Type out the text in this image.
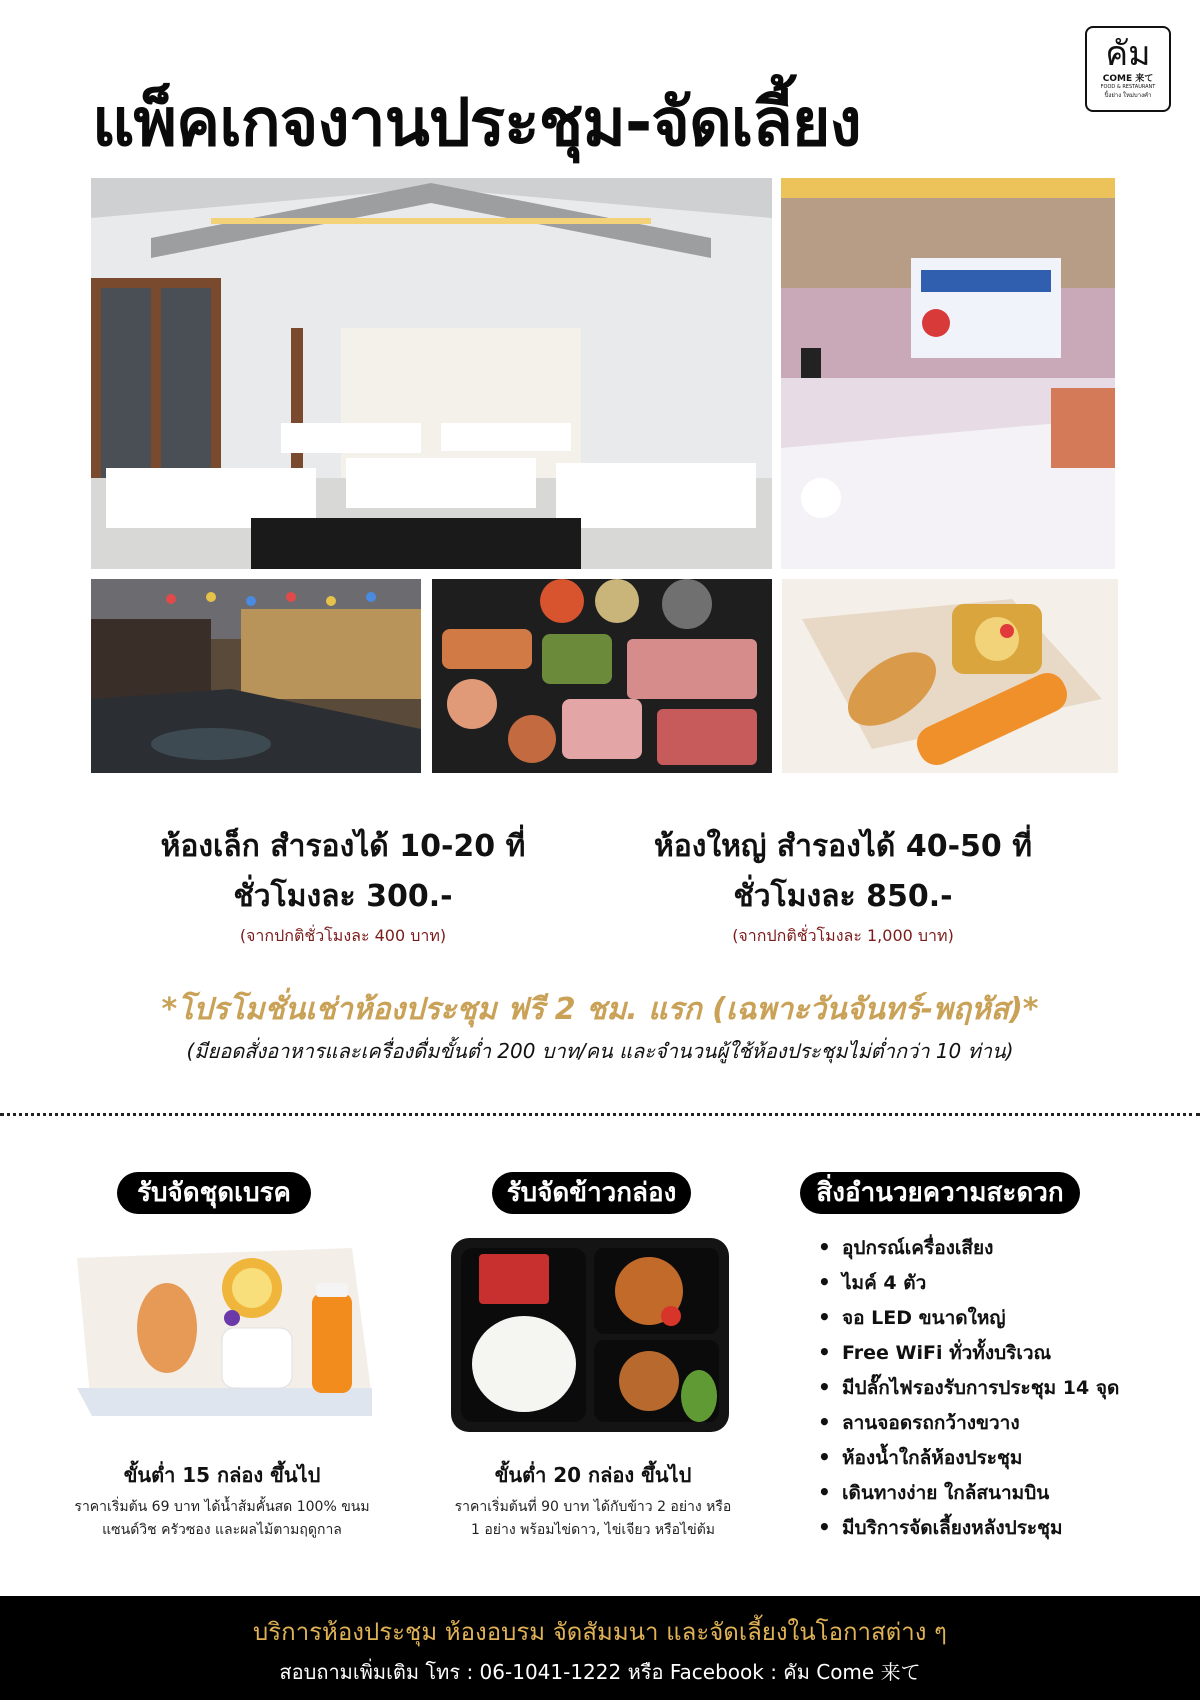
คัม
COME 来て
FOOD & RESTAURANT
ปิ้งย่าง ใหม่บางคำ
แพ็คเกจงานประชุม-จัดเลี้ยง
ห้องเล็ก สำรองได้ 10-20 ที่
ชั่วโมงละ 300.-
(จากปกติชั่วโมงละ 400 บาท)
ห้องใหญ่ สำรองได้ 40-50 ที่
ชั่วโมงละ 850.-
(จากปกติชั่วโมงละ 1,000 บาท)
*โปรโมชั่นเช่าห้องประชุม ฟรี 2 ชม. แรก (เฉพาะวันจันทร์-พฤหัส)*
(มียอดสั่งอาหารและเครื่องดื่มขั้นต่ำ 200 บาท/คน และจำนวนผู้ใช้ห้องประชุมไม่ต่ำกว่า 10 ท่าน)
รับจัดชุดเบรค
ขั้นต่ำ 15 กล่อง ขึ้นไป
ราคาเริ่มต้น 69 บาท ได้น้ำส้มคั้นสด 100% ขนม
แซนด์วิช ครัวซอง และผลไม้ตามฤดูกาล
รับจัดข้าวกล่อง
ขั้นต่ำ 20 กล่อง ขึ้นไป
ราคาเริ่มต้นที่ 90 บาท ได้กับข้าว 2 อย่าง หรือ
1 อย่าง พร้อมไข่ดาว, ไข่เจียว หรือไข่ต้ม
สิ่งอำนวยความสะดวก
• อุปกรณ์เครื่องเสียง
• ไมค์ 4 ตัว
• จอ LED ขนาดใหญ่
• Free WiFi ทั่วทั้งบริเวณ
• มีปลั๊กไฟรองรับการประชุม 14 จุด
• ลานจอดรถกว้างขวาง
• ห้องน้ำใกล้ห้องประชุม
• เดินทางง่าย ใกล้สนามบิน
• มีบริการจัดเลี้ยงหลังประชุม
บริการห้องประชุม ห้องอบรม จัดสัมมนา และจัดเลี้ยงในโอกาสต่าง ๆ
สอบถามเพิ่มเติม โทร : 06-1041-1222 หรือ Facebook : คัม Come 来て
